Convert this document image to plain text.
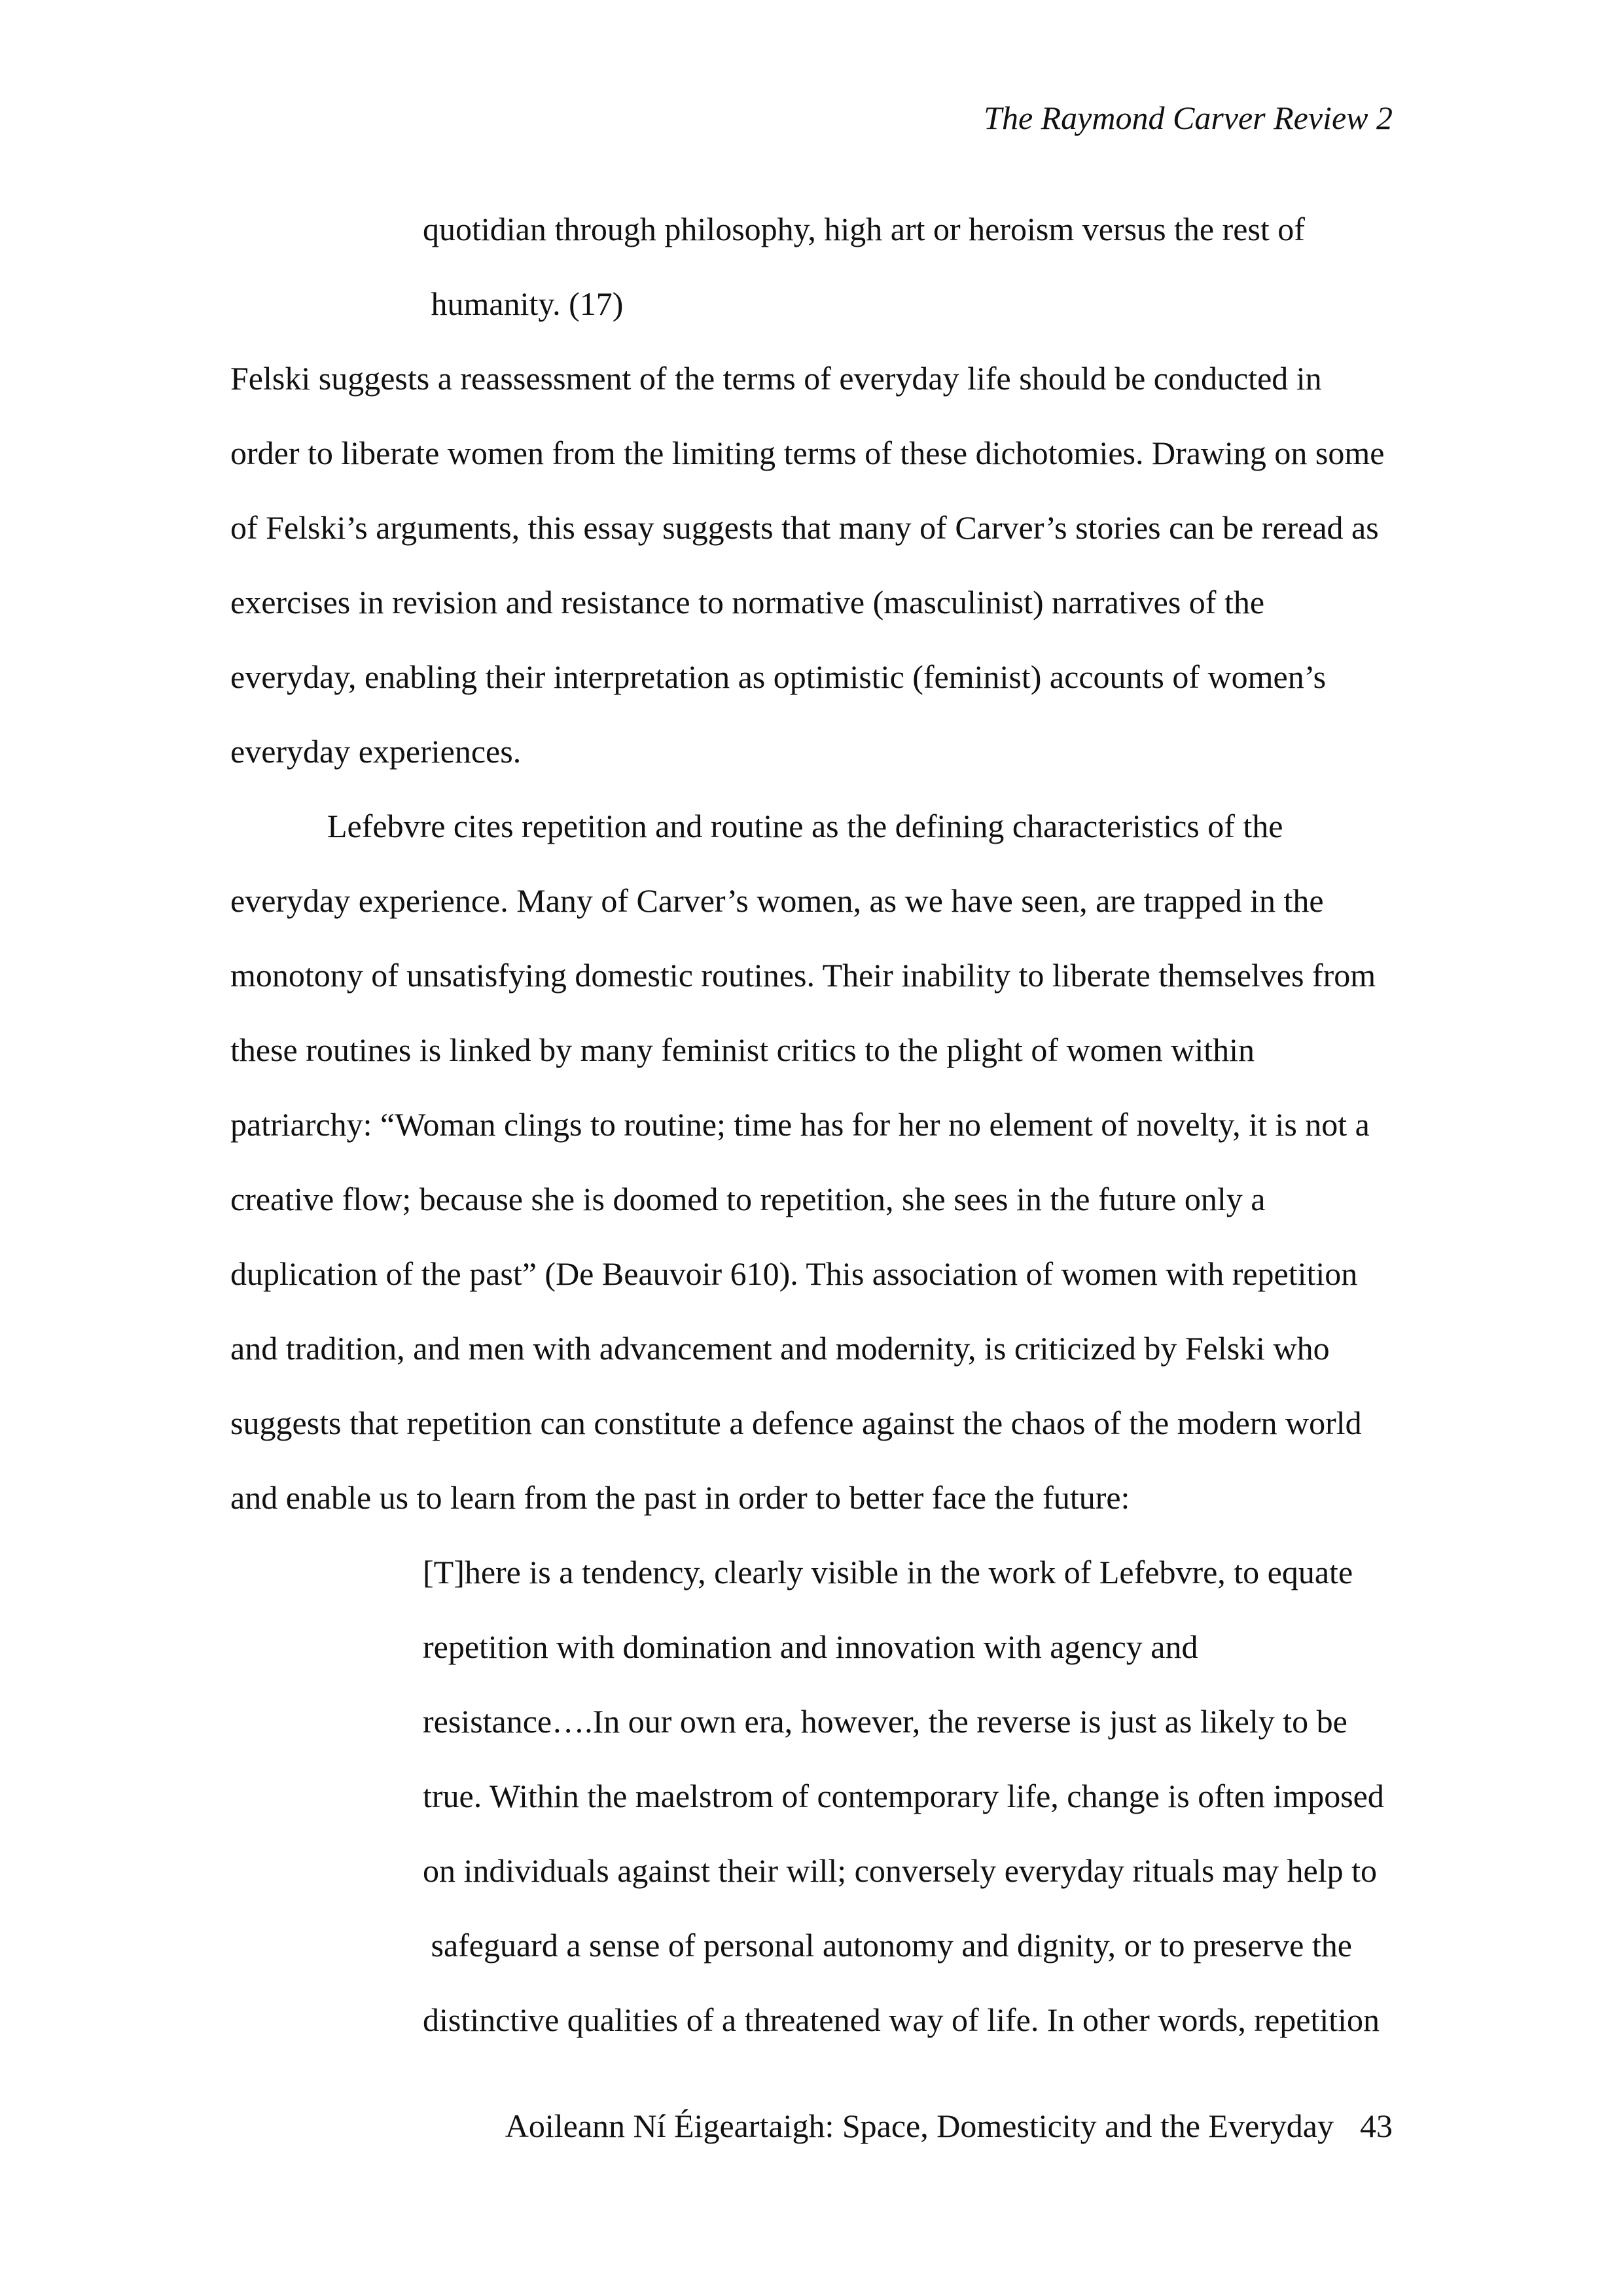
The Raymond Carver Review 2
quotidian through philosophy, high art or heroism versus the rest of
humanity. (17)
Felski suggests a reassessment of the terms of everyday life should be conducted in
order to liberate women from the limiting terms of these dichotomies. Drawing on some
of Felski’s arguments, this essay suggests that many of Carver’s stories can be reread as
exercises in revision and resistance to normative (masculinist) narratives of the
everyday, enabling their interpretation as optimistic (feminist) accounts of women’s
everyday experiences.
Lefebvre cites repetition and routine as the defining characteristics of the
everyday experience. Many of Carver’s women, as we have seen, are trapped in the
monotony of unsatisfying domestic routines. Their inability to liberate themselves from
these routines is linked by many feminist critics to the plight of women within
patriarchy: “Woman clings to routine; time has for her no element of novelty, it is not a
creative flow; because she is doomed to repetition, she sees in the future only a
duplication of the past” (De Beauvoir 610). This association of women with repetition
and tradition, and men with advancement and modernity, is criticized by Felski who
suggests that repetition can constitute a defence against the chaos of the modern world
and enable us to learn from the past in order to better face the future:
[T]here is a tendency, clearly visible in the work of Lefebvre, to equate
repetition with domination and innovation with agency and
resistance….In our own era, however, the reverse is just as likely to be
true. Within the maelstrom of contemporary life, change is often imposed
on individuals against their will; conversely everyday rituals may help to
safeguard a sense of personal autonomy and dignity, or to preserve the
distinctive qualities of a threatened way of life. In other words, repetition
Aoileann Ní Éigeartaigh: Space, Domesticity and the Everyday 43
